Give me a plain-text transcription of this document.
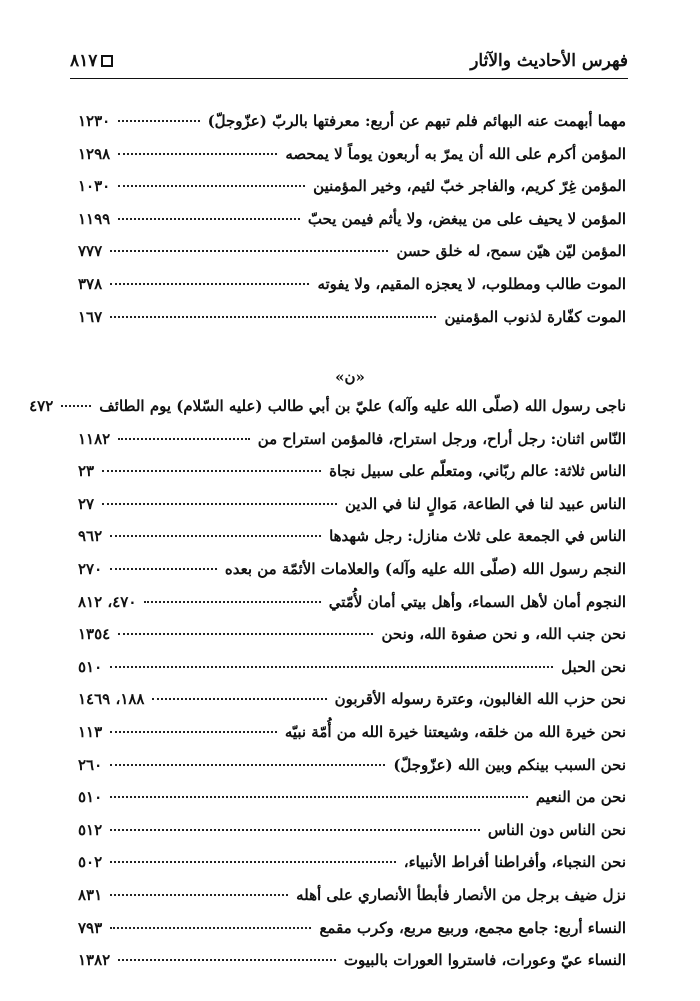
٨١٧	فهرس الأحاديث والآثار
مهما أبهمت عنه البهائم فلم تبهم عن أربع: معرفتها بالربّ (عزّوجلّ)
١٢٣٠
المؤمن أكرم على الله أن يمرّ به أربعون يوماً لا يمحصه
١٢٩٨
المؤمن غِرّ كريم، والفاجر خبّ لئيم، وخير المؤمنين
١٠٣٠
المؤمن لا يحيف على من يبغض، ولا يأثم فيمن يحبّ
١١٩٩
المؤمن ليّن هيّن سمح، له خلق حسن
٧٧٧
الموت طالب ومطلوب، لا يعجزه المقيم، ولا يفوته
٣٧٨
الموت كفّارة لذنوب المؤمنين
١٦٧
«ن»
ناجى رسول الله (صلّى الله عليه وآله) عليّ بن أبي طالب (عليه السّلام) يوم الطائف
٤٧٢
النّاس اثنان: رجل أراح، ورجل استراح، فالمؤمن استراح من
١١٨٢
الناس ثلاثة: عالم ربّاني، ومتعلّم على سبيل نجاة
٢٣
الناس عبيد لنا في الطاعة، مَوالٍ لنا في الدين
٢٧
الناس في الجمعة على ثلاث منازل: رجل شهدها
٩٦٢
النجم رسول الله (صلّى الله عليه وآله) والعلامات الأئمّة من بعده
٢٧٠
النجوم أمان لأهل السماء، وأهل بيتي أمان لأُمّتي
٤٧٠، ٨١٢
نحن جنب الله، و نحن صفوة الله، ونحن
١٣٥٤
نحن الحبل
٥١٠
نحن حزب الله الغالبون، وعترة رسوله الأقربون
١٨٨، ١٤٦٩
نحن خيرة الله من خلقه، وشيعتنا خيرة الله من أُمّة نبيّه
١١٣
نحن السبب بينكم وبين الله (عزّوجلّ)
٢٦٠
نحن من النعيم
٥١٠
نحن الناس دون الناس
٥١٢
نحن النجباء، وأفراطنا أفراط الأنبياء،
٥٠٢
نزل ضيف برجل من الأنصار فأبطأ الأنصاري على أهله
٨٣١
النساء أربع: جامع مجمع، وربيع مربع، وكرب مقمع
٧٩٣
النساء عيّ وعورات، فاستروا العورات بالبيوت
١٣٨٢
